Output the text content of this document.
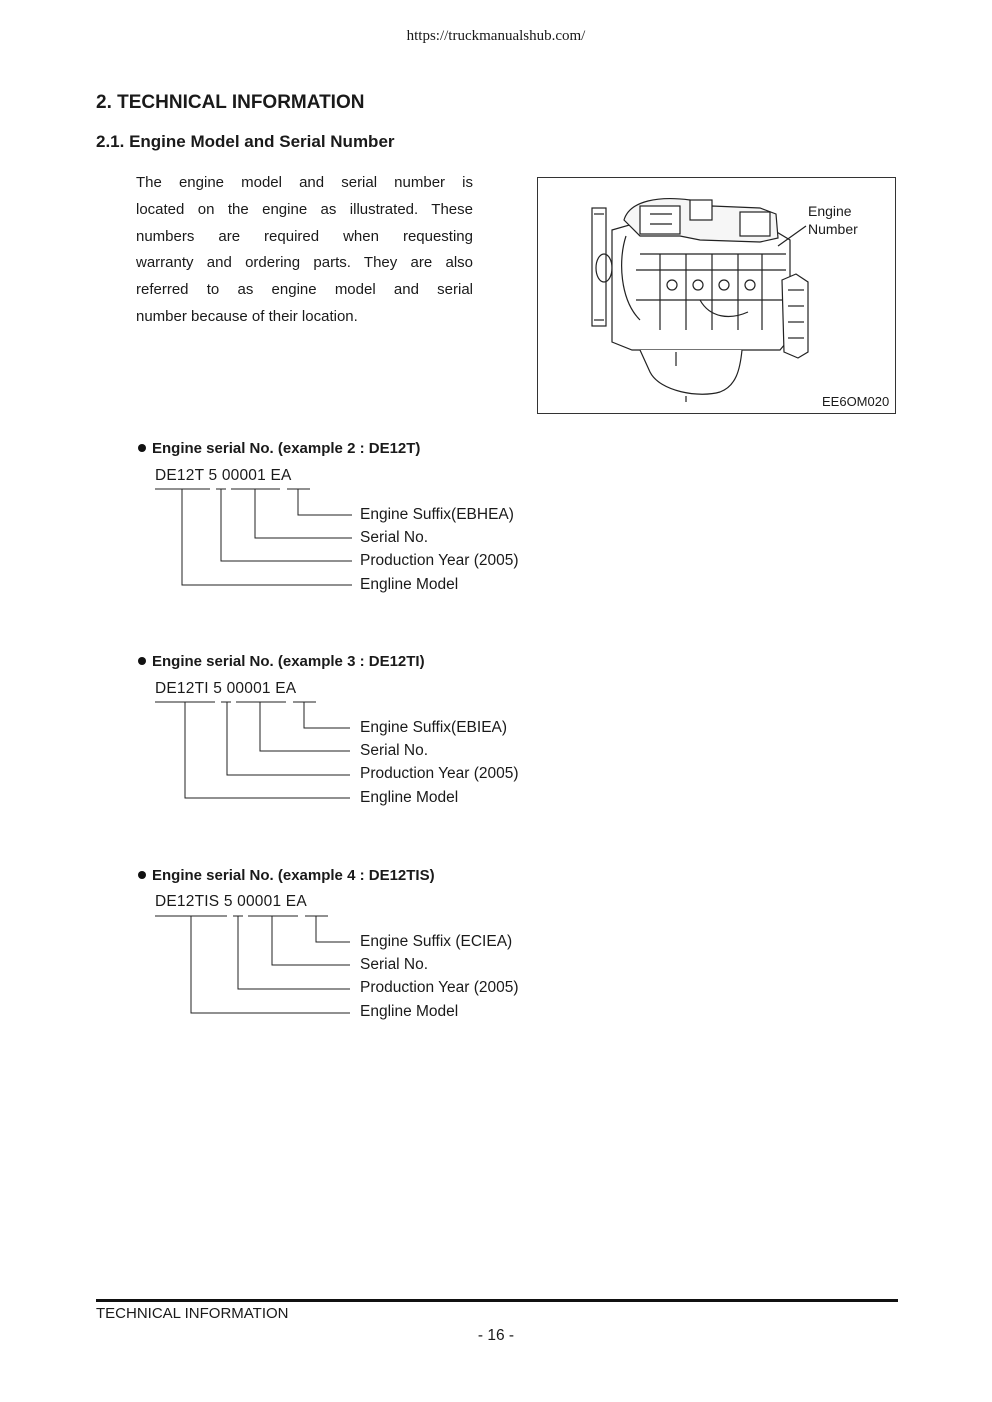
https://truckmanualshub.com/
2. TECHNICAL INFORMATION
2.1. Engine Model and Serial Number
The engine model and serial number is
located on the engine as illustrated. These
numbers are required when requesting
warranty and ordering parts. They are also
referred to as engine model and serial
number because of their location.
Engine
Number
EE6OM020
Engine serial No. (example 2 : DE12T)
DE12T 5 00001 EA
Engine Suffix(EBHEA)
Serial No.
Production Year (2005)
Engline Model
Engine serial No. (example 3 : DE12TI)
DE12TI 5 00001 EA
Engine Suffix(EBIEA)
Serial No.
Production Year (2005)
Engline Model
Engine serial No. (example 4 : DE12TIS)
DE12TIS 5 00001 EA
Engine Suffix (ECIEA)
Serial No.
Production Year (2005)
Engline Model
TECHNICAL INFORMATION
- 16 -
